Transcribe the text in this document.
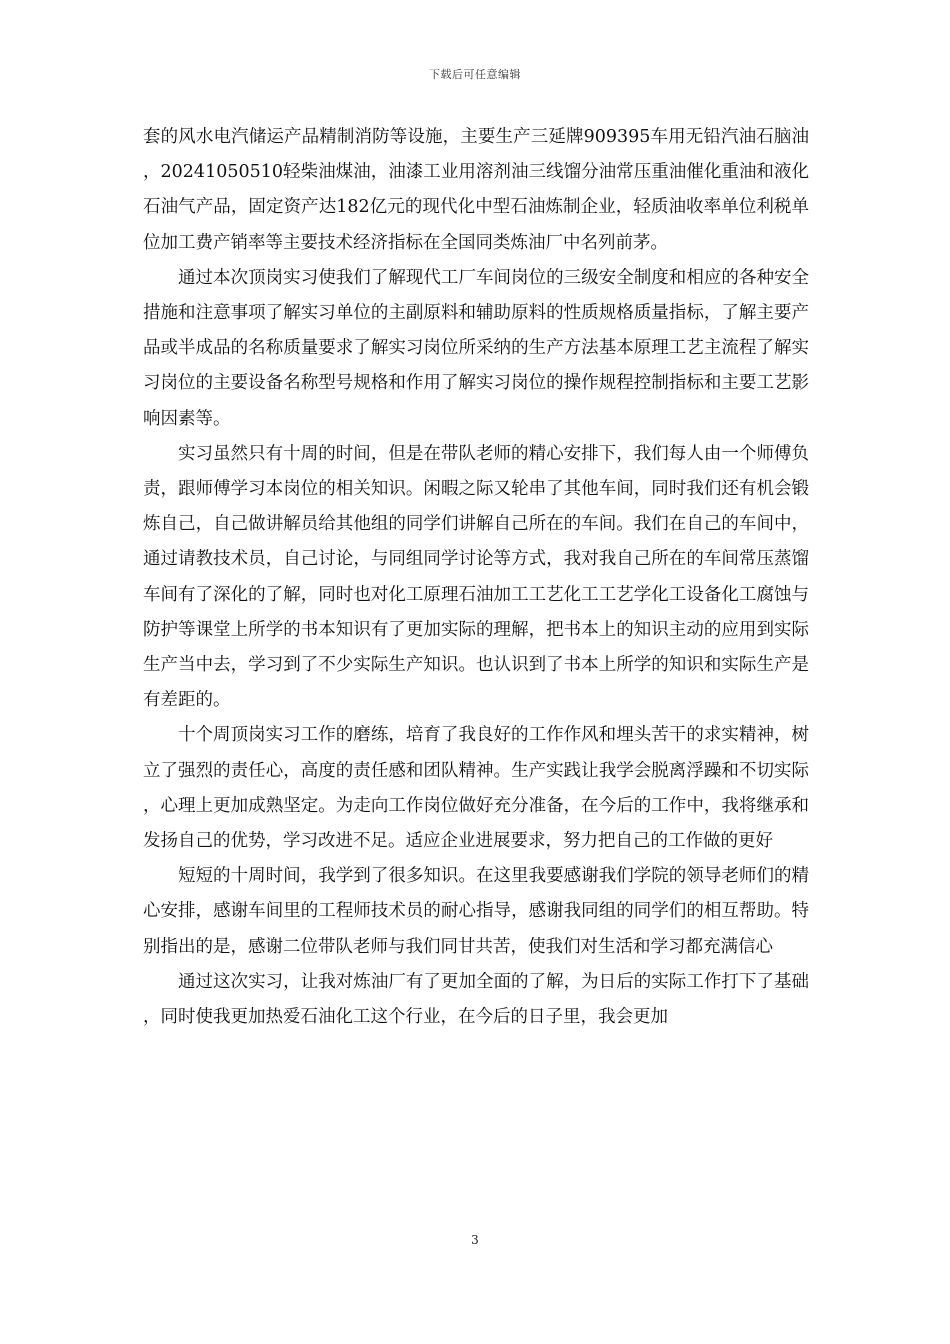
下载后可任意编辑

套的风水电汽储运产品精制消防等设施，主要生产三延牌909395车用无铅汽油石脑油，20241050510轻柴油煤油，油漆工业用溶剂油三线馏分油常压重油催化重油和液化石油气产品，固定资产达182亿元的现代化中型石油炼制企业，轻质油收率单位利税单位加工费产销率等主要技术经济指标在全国同类炼油厂中名列前茅。

通过本次顶岗实习使我们了解现代工厂车间岗位的三级安全制度和相应的各种安全措施和注意事项了解实习单位的主副原料和辅助原料的性质规格质量指标，了解主要产品或半成品的名称质量要求了解实习岗位所采纳的生产方法基本原理工艺主流程了解实习岗位的主要设备名称型号规格和作用了解实习岗位的操作规程控制指标和主要工艺影响因素等。

实习虽然只有十周的时间，但是在带队老师的精心安排下，我们每人由一个师傅负责，跟师傅学习本岗位的相关知识。闲暇之际又轮串了其他车间，同时我们还有机会锻炼自己，自己做讲解员给其他组的同学们讲解自己所在的车间。我们在自己的车间中，通过请教技术员，自己讨论，与同组同学讨论等方式，我对我自己所在的车间常压蒸馏车间有了深化的了解，同时也对化工原理石油加工工艺化工工艺学化工设备化工腐蚀与防护等课堂上所学的书本知识有了更加实际的理解，把书本上的知识主动的应用到实际生产当中去，学习到了不少实际生产知识。也认识到了书本上所学的知识和实际生产是有差距的。

十个周顶岗实习工作的磨练，培育了我良好的工作作风和埋头苦干的求实精神，树立了强烈的责任心，高度的责任感和团队精神。生产实践让我学会脱离浮躁和不切实际，心理上更加成熟坚定。为走向工作岗位做好充分准备，在今后的工作中，我将继承和发扬自己的优势，学习改进不足。适应企业进展要求，努力把自己的工作做的更好

短短的十周时间，我学到了很多知识。在这里我要感谢我们学院的领导老师们的精心安排，感谢车间里的工程师技术员的耐心指导，感谢我同组的同学们的相互帮助。特别指出的是，感谢二位带队老师与我们同甘共苦，使我们对生活和学习都充满信心

通过这次实习，让我对炼油厂有了更加全面的了解，为日后的实际工作打下了基础，同时使我更加热爱石油化工这个行业，在今后的日子里，我会更加

3
